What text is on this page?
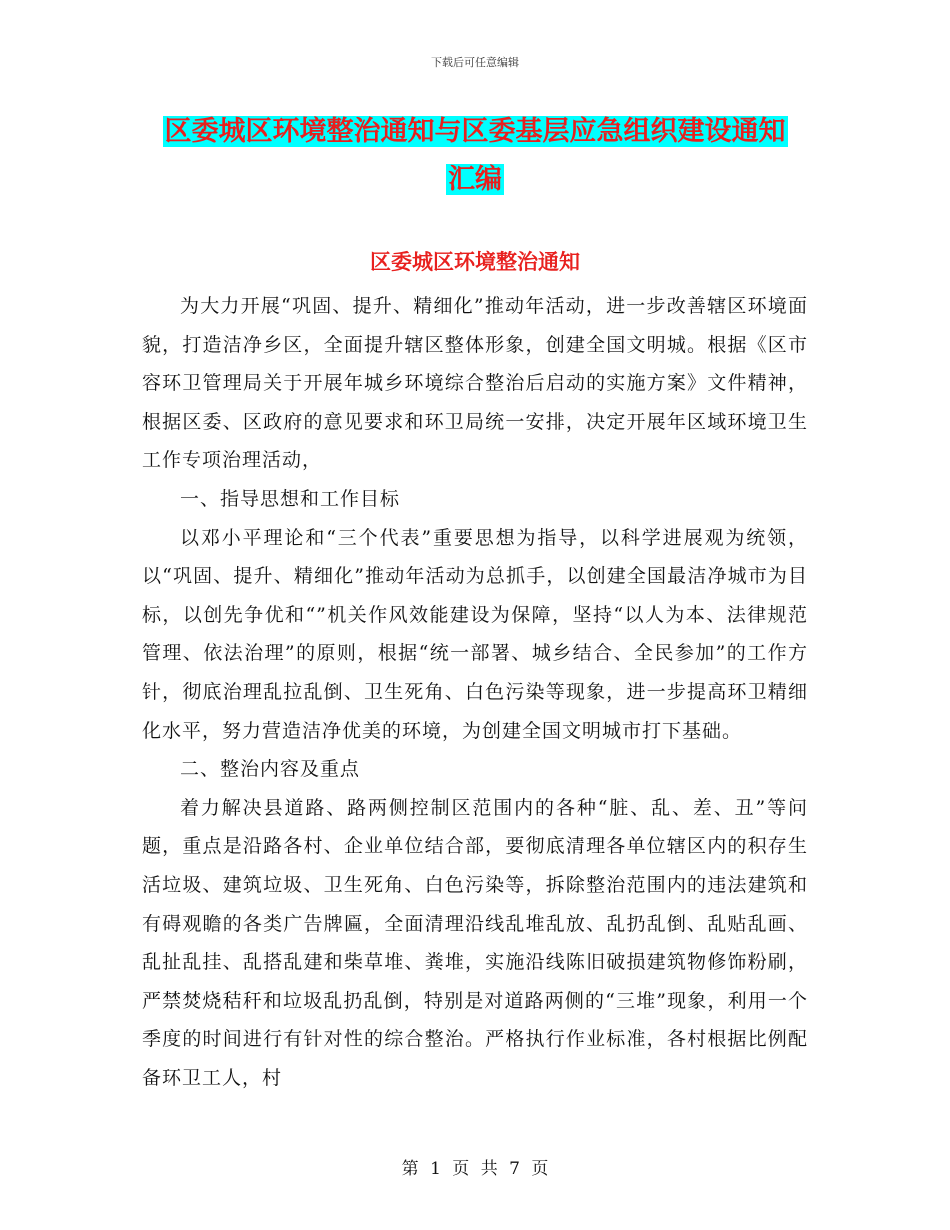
下载后可任意编辑
区委城区环境整治通知与区委基层应急组织建设通知
汇编
区委城区环境整治通知

为大力开展“巩固、提升、精细化”推动年活动，进一步改善辖区环境面貌，打造洁净乡区，全面提升辖区整体形象，创建全国文明城。根据《区市容环卫管理局关于开展年城乡环境综合整治后启动的实施方案》文件精神，根据区委、区政府的意见要求和环卫局统一安排，决定开展年区域环境卫生工作专项治理活动，

一、指导思想和工作目标

以邓小平理论和“三个代表”重要思想为指导，以科学进展观为统领，以“巩固、提升、精细化”推动年活动为总抓手，以创建全国最洁净城市为目标，以创先争优和“”机关作风效能建设为保障，坚持“以人为本、法律规范管理、依法治理”的原则，根据“统一部署、城乡结合、全民参加”的工作方针，彻底治理乱拉乱倒、卫生死角、白色污染等现象，进一步提高环卫精细化水平，努力营造洁净优美的环境，为创建全国文明城市打下基础。

二、整治内容及重点

着力解决县道路、路两侧控制区范围内的各种“脏、乱、差、丑”等问题，重点是沿路各村、企业单位结合部，要彻底清理各单位辖区内的积存生活垃圾、建筑垃圾、卫生死角、白色污染等，拆除整治范围内的违法建筑和有碍观瞻的各类广告牌匾，全面清理沿线乱堆乱放、乱扔乱倒、乱贴乱画、乱扯乱挂、乱搭乱建和柴草堆、粪堆，实施沿线陈旧破损建筑物修饰粉刷，严禁焚烧秸秆和垃圾乱扔乱倒，特别是对道路两侧的“三堆”现象，利用一个季度的时间进行有针对性的综合整治。严格执行作业标准，各村根据比例配备环卫工人，村

第 1 页 共 7 页
